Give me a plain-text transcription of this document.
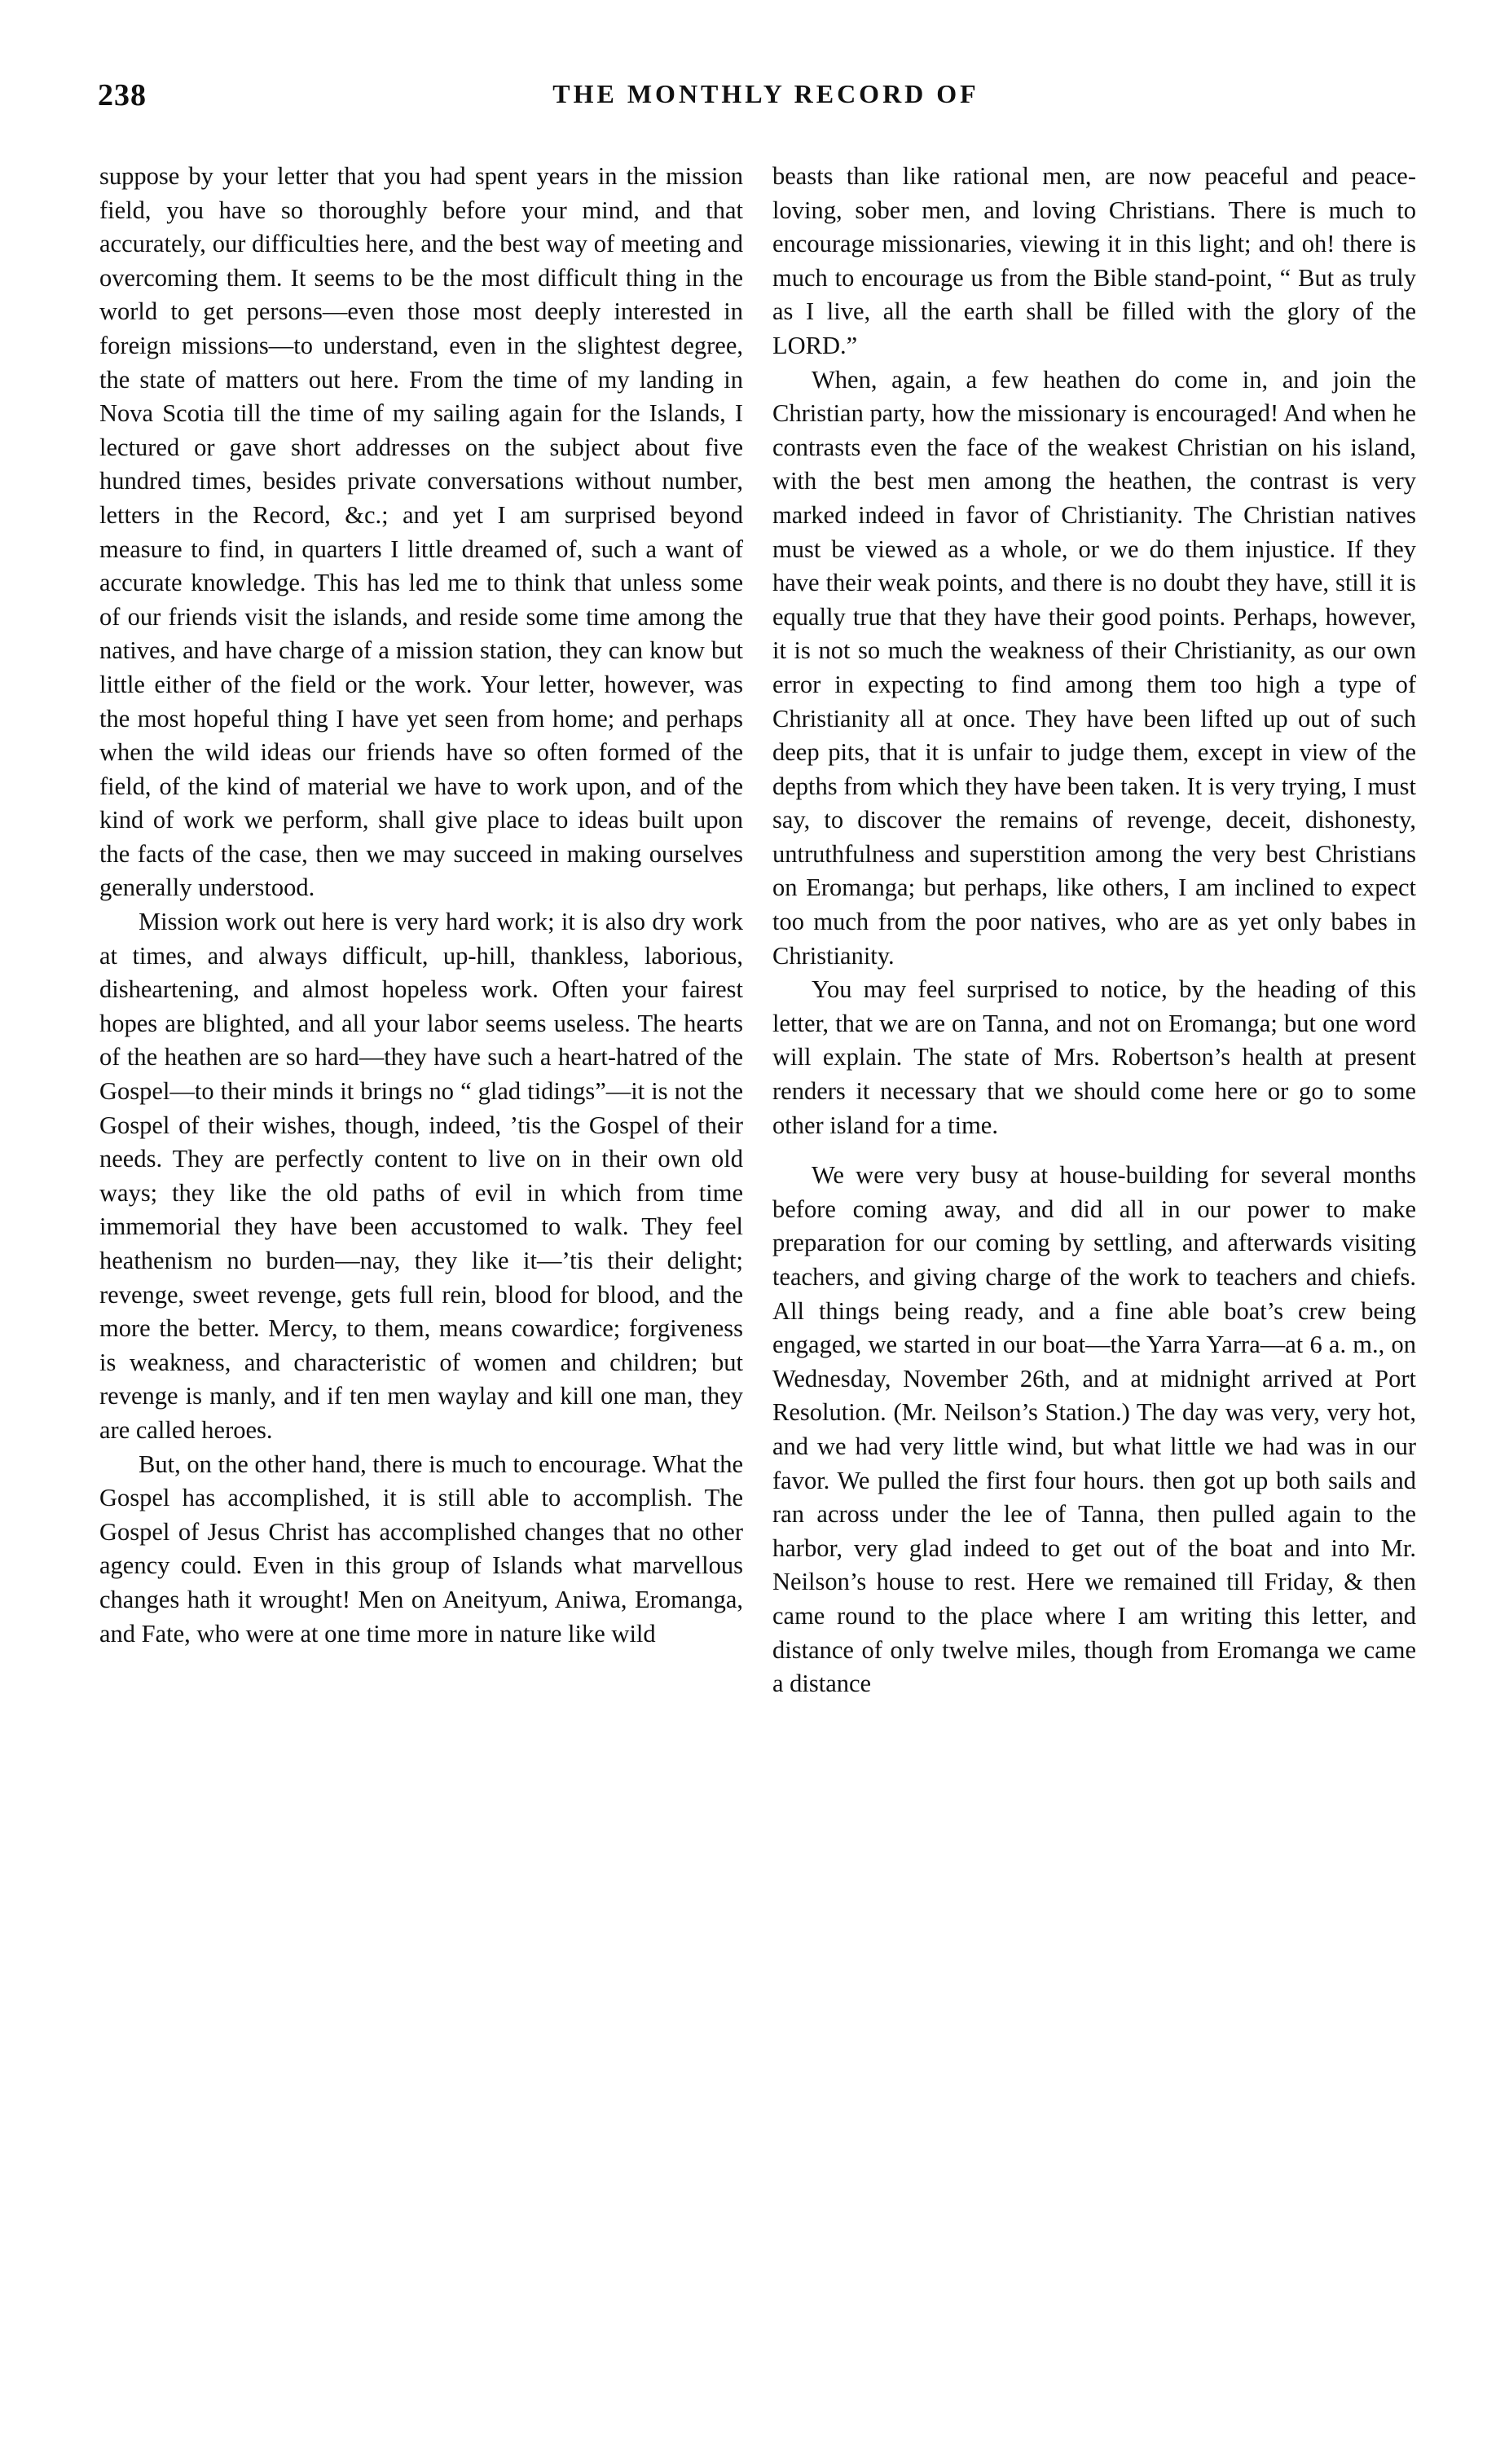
238	THE MONTHLY RECORD OF

suppose by your letter that you had spent years in the mission field, you have so thoroughly before your mind, and that accurately, our difficulties here, and the best way of meeting and overcoming them. It seems to be the most difficult thing in the world to get persons—even those most deeply interested in foreign missions—to understand, even in the slightest degree, the state of matters out here. From the time of my landing in Nova Scotia till the time of my sailing again for the Islands, I lectured or gave short addresses on the subject about five hundred times, besides private conversations without number, letters in the Record, &c.; and yet I am surprised beyond measure to find, in quarters I little dreamed of, such a want of accurate knowledge. This has led me to think that unless some of our friends visit the islands, and reside some time among the natives, and have charge of a mission station, they can know but little either of the field or the work. Your letter, however, was the most hopeful thing I have yet seen from home; and perhaps when the wild ideas our friends have so often formed of the field, of the kind of material we have to work upon, and of the kind of work we perform, shall give place to ideas built upon the facts of the case, then we may succeed in making ourselves generally understood.

Mission work out here is very hard work; it is also dry work at times, and always difficult, up-hill, thankless, laborious, disheartening, and almost hopeless work. Often your fairest hopes are blighted, and all your labor seems useless. The hearts of the heathen are so hard—they have such a heart-hatred of the Gospel—to their minds it brings no “ glad tidings”—it is not the Gospel of their wishes, though, indeed, ’tis the Gospel of their needs. They are perfectly content to live on in their own old ways; they like the old paths of evil in which from time immemorial they have been accustomed to walk. They feel heathenism no burden—nay, they like it—’tis their delight; revenge, sweet revenge, gets full rein, blood for blood, and the more the better. Mercy, to them, means cowardice; forgiveness is weakness, and characteristic of women and children; but revenge is manly, and if ten men waylay and kill one man, they are called heroes.

But, on the other hand, there is much to encourage. What the Gospel has accomplished, it is still able to accomplish. The Gospel of Jesus Christ has accomplished changes that no other agency could. Even in this group of Islands what marvellous changes hath it wrought! Men on Aneityum, Aniwa, Eromanga, and Fate, who were at one time more in nature like wild

beasts than like rational men, are now peaceful and peace-loving, sober men, and loving Christians. There is much to encourage missionaries, viewing it in this light; and oh! there is much to encourage us from the Bible stand-point, “ But as truly as I live, all the earth shall be filled with the glory of the LORD.”

When, again, a few heathen do come in, and join the Christian party, how the missionary is encouraged! And when he contrasts even the face of the weakest Christian on his island, with the best men among the heathen, the contrast is very marked indeed in favor of Christianity. The Christian natives must be viewed as a whole, or we do them injustice. If they have their weak points, and there is no doubt they have, still it is equally true that they have their good points. Perhaps, however, it is not so much the weakness of their Christianity, as our own error in expecting to find among them too high a type of Christianity all at once. They have been lifted up out of such deep pits, that it is unfair to judge them, except in view of the depths from which they have been taken. It is very trying, I must say, to discover the remains of revenge, deceit, dishonesty, untruthfulness and superstition among the very best Christians on Eromanga; but perhaps, like others, I am inclined to expect too much from the poor natives, who are as yet only babes in Christianity.

You may feel surprised to notice, by the heading of this letter, that we are on Tanna, and not on Eromanga; but one word will explain. The state of Mrs. Robertson’s health at present renders it necessary that we should come here or go to some other island for a time.

We were very busy at house-building for several months before coming away, and did all in our power to make preparation for our coming by settling, and afterwards visiting teachers, and giving charge of the work to teachers and chiefs. All things being ready, and a fine able boat’s crew being engaged, we started in our boat—the Yarra Yarra—at 6 a. m., on Wednesday, November 26th, and at midnight arrived at Port Resolution. (Mr. Neilson’s Station.) The day was very, very hot, and we had very little wind, but what little we had was in our favor. We pulled the first four hours. then got up both sails and ran across under the lee of Tanna, then pulled again to the harbor, very glad indeed to get out of the boat and into Mr. Neilson’s house to rest. Here we remained till Friday, & then came round to the place where I am writing this letter, and distance of only twelve miles, though from Eromanga we came a distance
